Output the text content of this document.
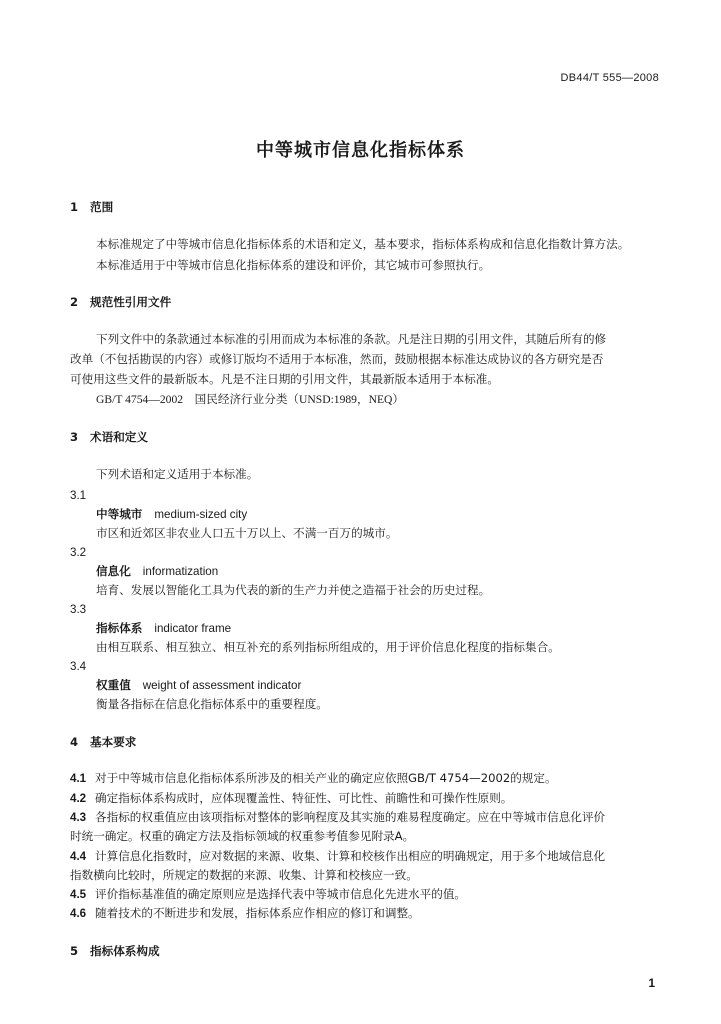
DB44/T 555—2008
中等城市信息化指标体系
1 范围
本标准规定了中等城市信息化指标体系的术语和定义，基本要求，指标体系构成和信息化指数计算方法。
本标准适用于中等城市信息化指标体系的建设和评价，其它城市可参照执行。
2 规范性引用文件
下列文件中的条款通过本标准的引用而成为本标准的条款。凡是注日期的引用文件，其随后所有的修
改单（不包括勘误的内容）或修订版均不适用于本标准，然而，鼓励根据本标准达成协议的各方研究是否
可使用这些文件的最新版本。凡是不注日期的引用文件，其最新版本适用于本标准。
GB/T 4754—2002　国民经济行业分类（UNSD:1989，NEQ）
3 术语和定义
下列术语和定义适用于本标准。
3.1
中等城市 medium-sized city
市区和近郊区非农业人口五十万以上、不满一百万的城市。
3.2
信息化 informatization
培育、发展以智能化工具为代表的新的生产力并使之造福于社会的历史过程。
3.3
指标体系 indicator frame
由相互联系、相互独立、相互补充的系列指标所组成的，用于评价信息化程度的指标集合。
3.4
权重值 weight of assessment indicator
衡量各指标在信息化指标体系中的重要程度。
4 基本要求
4.1 对于中等城市信息化指标体系所涉及的相关产业的确定应依照GB/T 4754—2002的规定。
4.2 确定指标体系构成时，应体现覆盖性、特征性、可比性、前瞻性和可操作性原则。
4.3 各指标的权重值应由该项指标对整体的影响程度及其实施的难易程度确定。应在中等城市信息化评价
时统一确定。权重的确定方法及指标领域的权重参考值参见附录A。
4.4 计算信息化指数时，应对数据的来源、收集、计算和校核作出相应的明确规定，用于多个地域信息化
指数横向比较时，所规定的数据的来源、收集、计算和校核应一致。
4.5 评价指标基准值的确定原则应是选择代表中等城市信息化先进水平的值。
4.6 随着技术的不断进步和发展，指标体系应作相应的修订和调整。
5 指标体系构成
1
